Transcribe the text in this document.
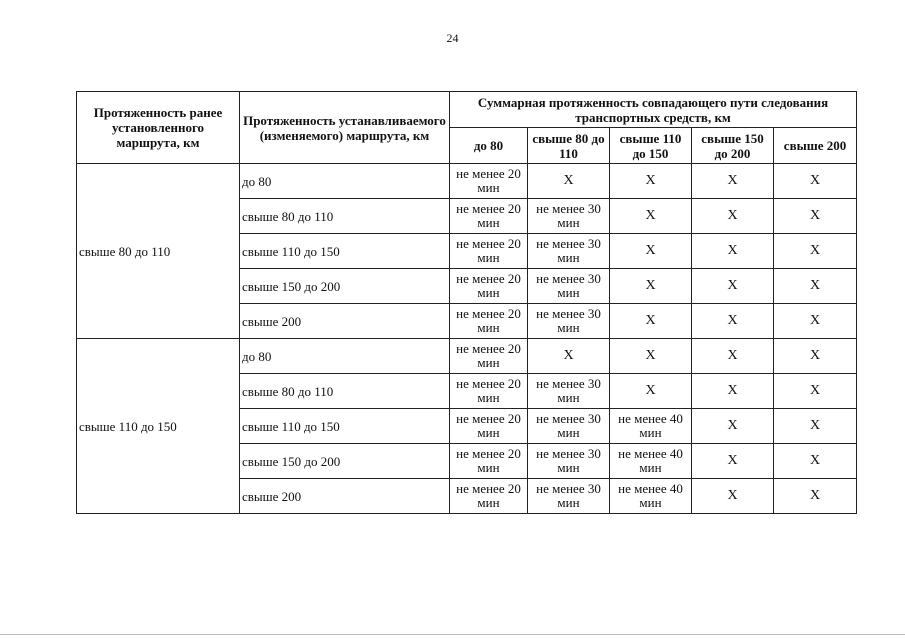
24
Протяженность ранее установленного маршрута, км	Протяженность устанавливаемого (изменяемого) маршрута, км	Суммарная протяженность совпадающего пути следования транспортных средств, км				
		до 80	свыше 80 до 110	свыше 110 до 150	свыше 150 до 200	свыше 200
свыше 80 до 110	до 80	не менее 20 мин	X	X	X	X
	свыше 80 до 110	не менее 20 мин	не менее 30 мин	X	X	X
	свыше 110 до 150	не менее 20 мин	не менее 30 мин	X	X	X
	свыше 150 до 200	не менее 20 мин	не менее 30 мин	X	X	X
	свыше 200	не менее 20 мин	не менее 30 мин	X	X	X
свыше 110 до 150	до 80	не менее 20 мин	X	X	X	X
	свыше 80 до 110	не менее 20 мин	не менее 30 мин	X	X	X
	свыше 110 до 150	не менее 20 мин	не менее 30 мин	не менее 40 мин	X	X
	свыше 150 до 200	не менее 20 мин	не менее 30 мин	не менее 40 мин	X	X
	свыше 200	не менее 20 мин	не менее 30 мин	не менее 40 мин	X	X
